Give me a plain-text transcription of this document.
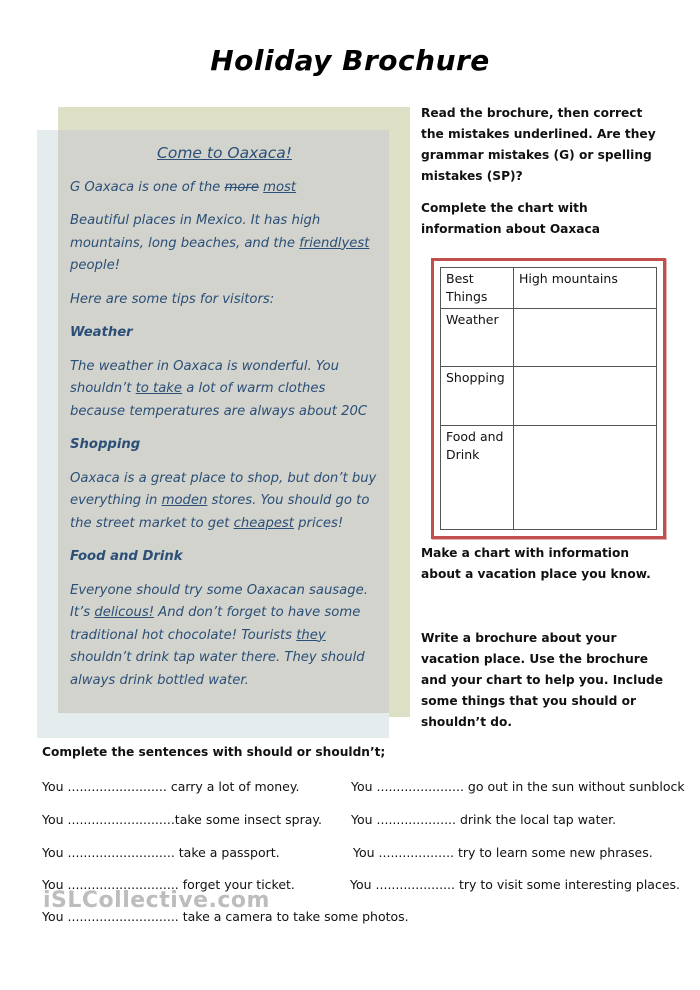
Holiday Brochure
Come to Oaxaca!

G Oaxaca is one of the more most

Beautiful places in Mexico. It has high mountains, long beaches, and the friendlyest people!

Here are some tips for visitors:

Weather

The weather in Oaxaca is wonderful. You shouldn’t to take a lot of warm clothes because temperatures are always about 20C

Shopping

Oaxaca is a great place to shop, but don’t buy everything in moden stores. You should go to the street market to get cheapest prices!

Food and Drink

Everyone should try some Oaxacan sausage. It’s delicous! And don’t forget to have some traditional hot chocolate! Tourists they shouldn’t drink tap water there. They should always drink bottled water.

Read the brochure, then correct the mistakes underlined. Are they grammar mistakes (G) or spelling mistakes (SP)?
Complete the chart with information about Oaxaca
Best Things	High mountains
Weather	
Shopping	
Food and Drink	
Make a chart with information about a vacation place you know.
Write a brochure about your vacation place. Use the brochure and your chart to help you. Include some things that you should or shouldn’t do.
Complete the sentences with should or shouldn’t;
You ......................... carry a lot of money.
You ...........................take some insect spray.
You ........................... take a passport.
You ............................ forget your ticket.
You ............................ take a camera to take some photos.
You ...................... go out in the sun without sunblock
You .................... drink the local tap water.
You ................... try to learn some new phrases.
You .................... try to visit some interesting places.
iSLCollective.com
